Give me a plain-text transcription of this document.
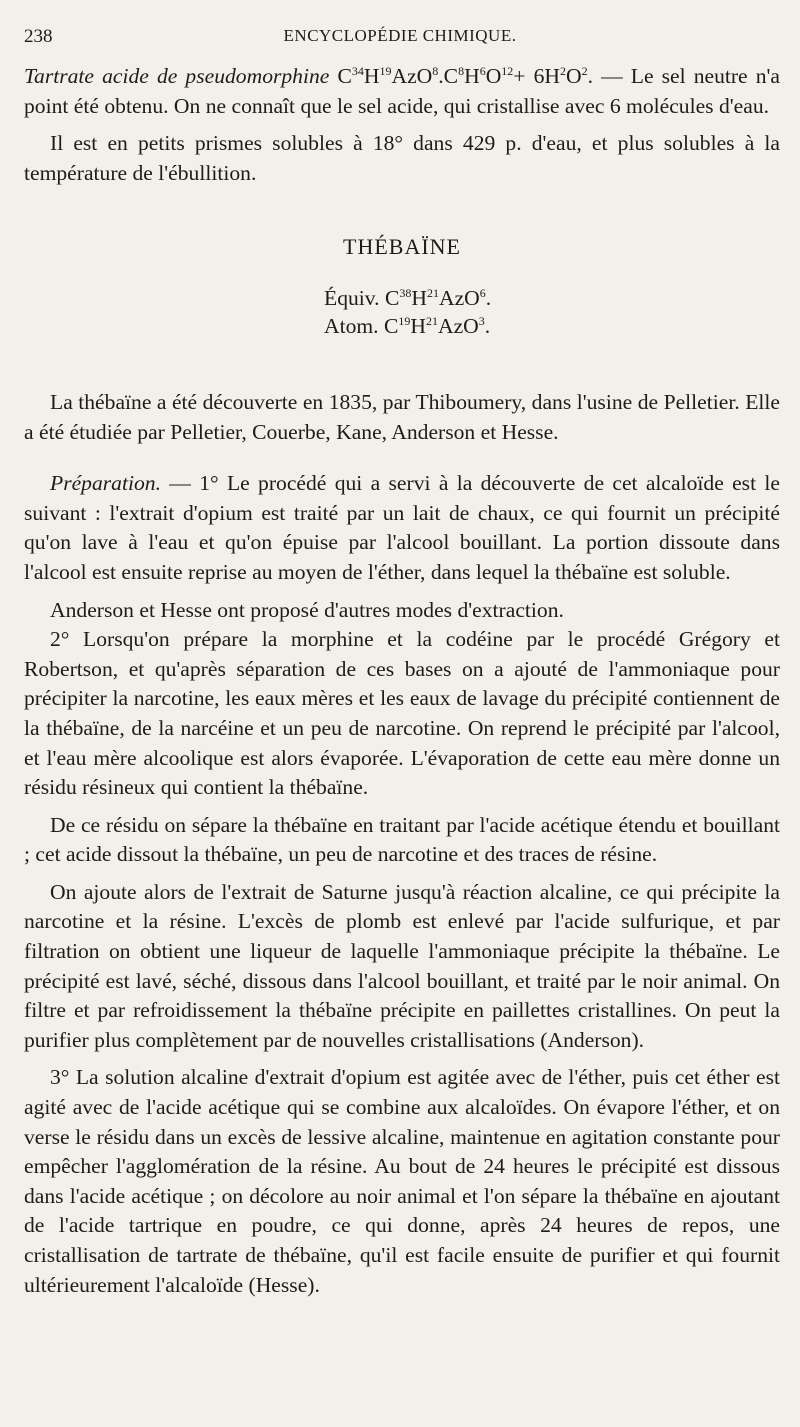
238	ENCYCLOPÉDIE CHIMIQUE.

Tartrate acide de pseudomorphine $C^{34}H^{19}AzO^8.C^8H^6O^{12}+ 6H^2O^2$. — Le sel neutre n'a point été obtenu. On ne connaît que le sel acide, qui cristallise avec 6 molécules d'eau.

Il est en petits prismes solubles à 18° dans 429 p. d'eau, et plus solubles à la température de l'ébullition.

THÉBAÏNE

Équiv. $C^{38}H^{21}AzO^6$.
Atom. $C^{19}H^{21}AzO^3$.

La thébaïne a été découverte en 1835, par Thiboumery, dans l'usine de Pelletier. Elle a été étudiée par Pelletier, Couerbe, Kane, Anderson et Hesse.

Préparation. — 1° Le procédé qui a servi à la découverte de cet alcaloïde est le suivant : l'extrait d'opium est traité par un lait de chaux, ce qui fournit un précipité qu'on lave à l'eau et qu'on épuise par l'alcool bouillant. La portion dissoute dans l'alcool est ensuite reprise au moyen de l'éther, dans lequel la thébaïne est soluble.

Anderson et Hesse ont proposé d'autres modes d'extraction.

2° Lorsqu'on prépare la morphine et la codéine par le procédé Grégory et Robertson, et qu'après séparation de ces bases on a ajouté de l'ammoniaque pour précipiter la narcotine, les eaux mères et les eaux de lavage du précipité contiennent de la thébaïne, de la narcéine et un peu de narcotine. On reprend le précipité par l'alcool, et l'eau mère alcoolique est alors évaporée. L'évaporation de cette eau mère donne un résidu résineux qui contient la thébaïne.

De ce résidu on sépare la thébaïne en traitant par l'acide acétique étendu et bouillant ; cet acide dissout la thébaïne, un peu de narcotine et des traces de résine.

On ajoute alors de l'extrait de Saturne jusqu'à réaction alcaline, ce qui précipite la narcotine et la résine. L'excès de plomb est enlevé par l'acide sulfurique, et par filtration on obtient une liqueur de laquelle l'ammoniaque précipite la thébaïne. Le précipité est lavé, séché, dissous dans l'alcool bouillant, et traité par le noir animal. On filtre et par refroidissement la thébaïne précipite en paillettes cristallines. On peut la purifier plus complètement par de nouvelles cristallisations (Anderson).

3° La solution alcaline d'extrait d'opium est agitée avec de l'éther, puis cet éther est agité avec de l'acide acétique qui se combine aux alcaloïdes. On évapore l'éther, et on verse le résidu dans un excès de lessive alcaline, maintenue en agitation constante pour empêcher l'agglomération de la résine. Au bout de 24 heures le précipité est dissous dans l'acide acétique ; on décolore au noir animal et l'on sépare la thébaïne en ajoutant de l'acide tartrique en poudre, ce qui donne, après 24 heures de repos, une cristallisation de tartrate de thébaïne, qu'il est facile ensuite de purifier et qui fournit ultérieurement l'alcaloïde (Hesse).
